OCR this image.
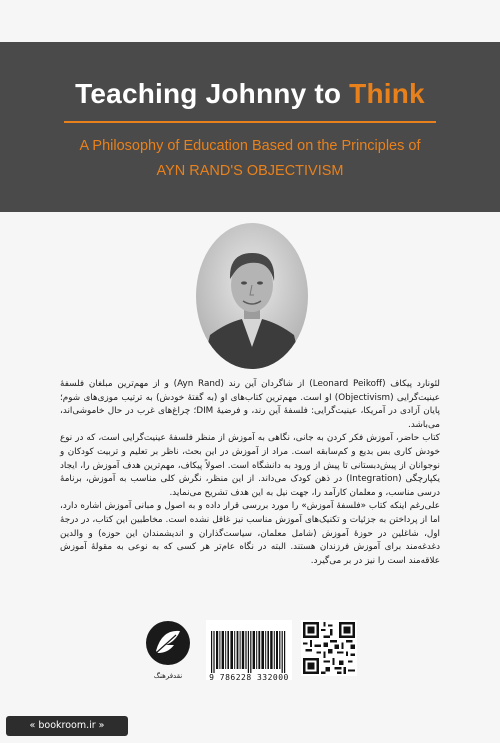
Teaching Johnny to Think
A Philosophy of Education Based on the Principles of
AYN RAND'S OBJECTIVISM

لئونارد پیکاف (Leonard Peikoff) از شاگردان آین رند (Ayn Rand) و از مهم‌ترین مبلغان فلسفهٔ عینیت‌گرایی (Objectivism) او است. مهم‌ترین کتاب‌های او (به گفتهٔ خودش) به ترتیب موزی‌های شوم؛ پایان آزادی در آمریکا، عینیت‌گرایی: فلسفهٔ آین رند، و فرضیهٔ DIM؛ چراغ‌های غرب در حال خاموشی‌اند، می‌باشد.

کتاب حاضر، آموزش فکر کردن به جانی، نگاهی به آموزش از منظر فلسفهٔ عینیت‌گرایی است، که در نوع خودش کاری بس بدیع و کم‌سابقه است. مراد از آموزش در این بحث، ناظر بر تعلیم و تربیت کودکان و نوجوانان از پیش‌دبستانی تا پیش از ورود به دانشگاه است. اصولاً پیکاف، مهم‌ترین هدف آموزش را، ایجاد یکپارچگی (Integration) در ذهن کودک می‌داند. از این منظر، نگرش کلی مناسب به آموزش، برنامهٔ درسی مناسب، و معلمان کارآمد را، جهت نیل به این هدف تشریح می‌نماید.

علی‌رغم اینکه کتاب «فلسفهٔ آموزش» را مورد بررسی قرار داده و به اصول و مبانی آموزش اشاره دارد، اما از پرداختن به جزئیات و تکنیک‌های آموزش مناسب نیز غافل نشده است. مخاطبین این کتاب، در درجهٔ اول، شاغلین در حوزهٔ آموزش (شامل معلمان، سیاست‌گذاران و اندیشمندان این حوزه) و والدین دغدغه‌مند برای آموزش فرزندان هستند. البته در نگاه عام‌تر هر کسی که به نوعی به مقولهٔ آموزش علاقه‌مند است را نیز در بر می‌گیرد.

نقدفرهنگ	9 786228 332000
« bookroom.ir »
